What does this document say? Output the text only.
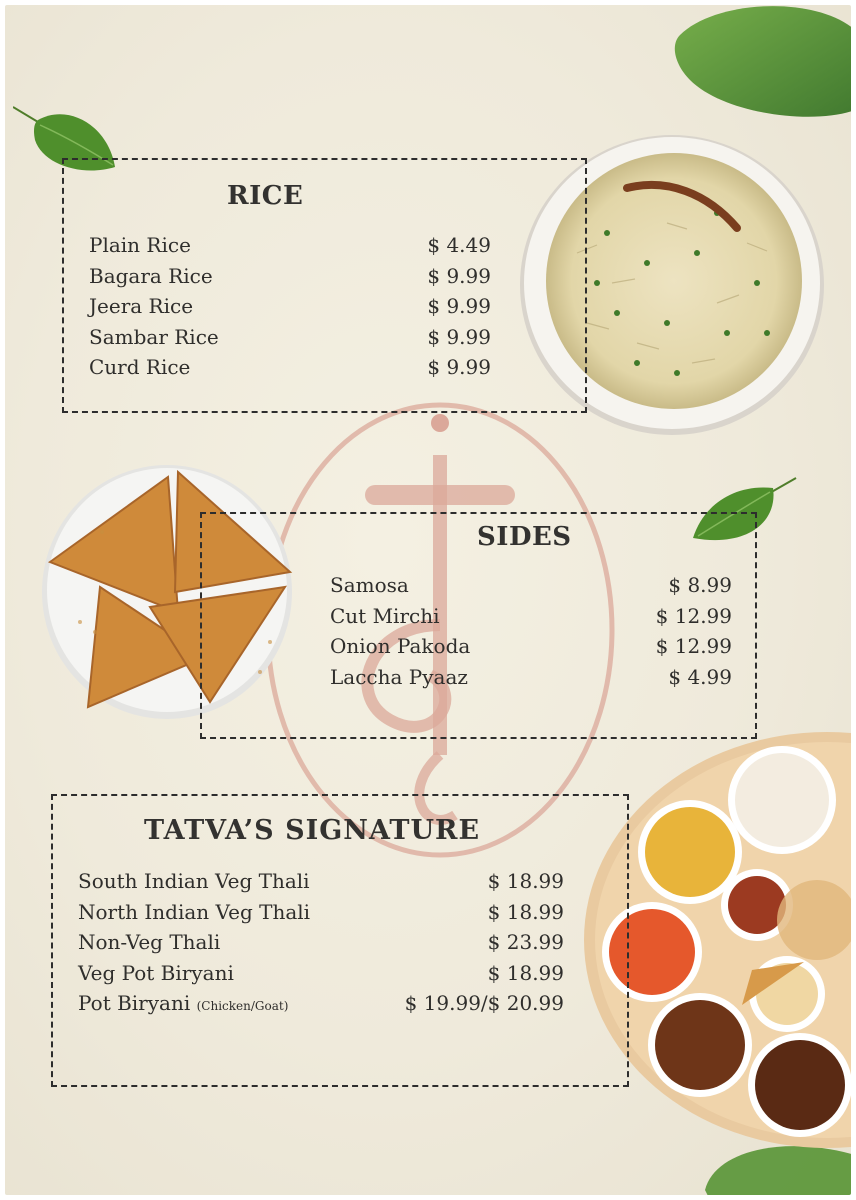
RICE
Plain Rice	$ 4.49
Bagara Rice	$ 9.99
Jeera Rice	$ 9.99
Sambar Rice	$ 9.99
Curd Rice	$ 9.99
SIDES
Samosa	$ 8.99
Cut Mirchi	$ 12.99
Onion Pakoda	$ 12.99
Laccha Pyaaz	$ 4.99
TATVA’S SIGNATURE
South Indian Veg Thali	$ 18.99
North Indian Veg Thali	$ 18.99
Non-Veg Thali	$ 23.99
Veg Pot Biryani	$ 18.99
Pot Biryani (Chicken/Goat)	$ 19.99/$ 20.99
